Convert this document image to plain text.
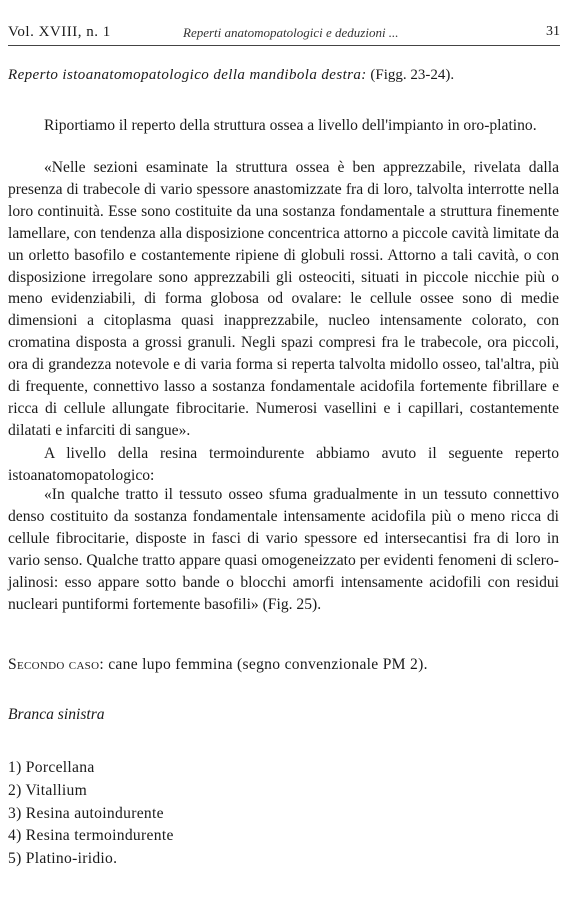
Vol. XVIII, n. 1	Reperti anatomopatologici e deduzioni ...	31
Reperto istoanatomopatologico della mandibola destra: (Figg. 23-24).

Riportiamo il reperto della struttura ossea a livello dell'impianto in oro-platino.

«Nelle sezioni esaminate la struttura ossea è ben apprezzabile, rivelata dalla presenza di trabecole di vario spessore anastomizzate fra di loro, talvolta interrotte nella loro continuità. Esse sono costituite da una sostanza fondamentale a struttura finemente lamellare, con tendenza alla disposizione concentrica attorno a piccole cavità limitate da un orletto basofilo e costantemente ripiene di globuli rossi. Attorno a tali cavità, o con disposizione irregolare sono apprezzabili gli osteociti, situati in piccole nicchie più o meno evidenziabili, di forma globosa od ovalare: le cellule ossee sono di medie dimensioni a citoplasma quasi inapprezzabile, nucleo intensamente colorato, con cromatina disposta a grossi granuli. Negli spazi compresi fra le trabecole, ora piccoli, ora di grandezza notevole e di varia forma si reperta talvolta midollo osseo, tal'altra, più di frequente, connettivo lasso a sostanza fondamentale acidofila fortemente fibrillare e ricca di cellule allungate fibrocitarie. Numerosi vasellini e i capillari, costantemente dilatati e infarciti di sangue».

A livello della resina termoindurente abbiamo avuto il seguente reperto istoanatomopatologico:

«In qualche tratto il tessuto osseo sfuma gradualmente in un tessuto connettivo denso costituito da sostanza fondamentale intensamente acidofila più o meno ricca di cellule fibrocitarie, disposte in fasci di vario spessore ed intersecantisi fra di loro in vario senso. Qualche tratto appare quasi omogeneizzato per evidenti fenomeni di sclero-jalinosi: esso appare sotto bande o blocchi amorfi intensamente acidofili con residui nucleari puntiformi fortemente basofili» (Fig. 25).

Secondo caso: cane lupo femmina (segno convenzionale PM 2).
Branca sinistra
1) Porcellana
2) Vitallium
3) Resina autoindurente
4) Resina termoindurente
5) Platino-iridio.
